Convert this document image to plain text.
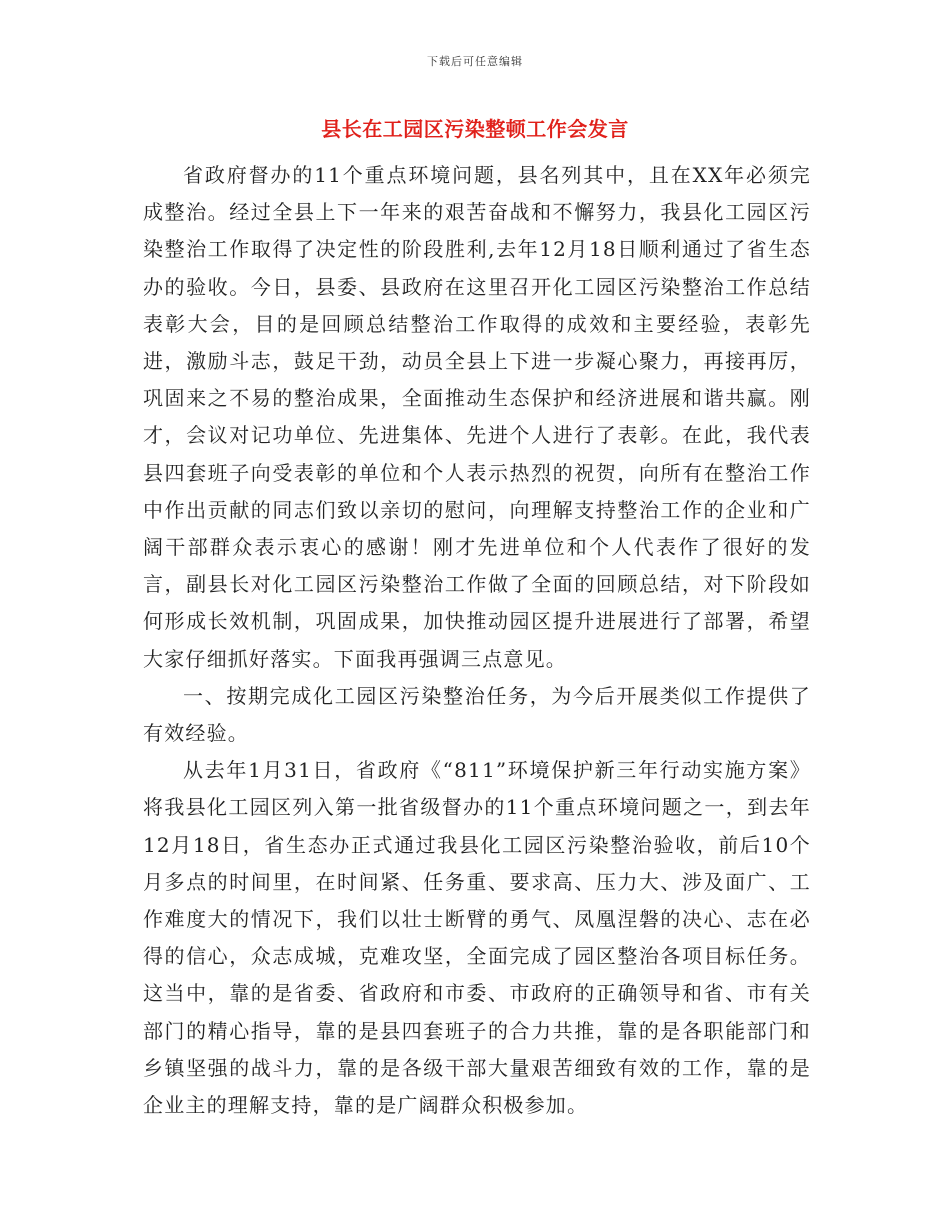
下载后可任意编辑
县长在工园区污染整顿工作会发言

省政府督办的11个重点环境问题，县名列其中，且在XX年必须完成整治。经过全县上下一年来的艰苦奋战和不懈努力，我县化工园区污染整治工作取得了决定性的阶段胜利,去年12月18日顺利通过了省生态办的验收。今日，县委、县政府在这里召开化工园区污染整治工作总结表彰大会，目的是回顾总结整治工作取得的成效和主要经验，表彰先进，激励斗志，鼓足干劲，动员全县上下进一步凝心聚力，再接再厉，巩固来之不易的整治成果，全面推动生态保护和经济进展和谐共赢。刚才，会议对记功单位、先进集体、先进个人进行了表彰。在此，我代表县四套班子向受表彰的单位和个人表示热烈的祝贺，向所有在整治工作中作出贡献的同志们致以亲切的慰问，向理解支持整治工作的企业和广阔干部群众表示衷心的感谢！刚才先进单位和个人代表作了很好的发言，副县长对化工园区污染整治工作做了全面的回顾总结，对下阶段如何形成长效机制，巩固成果，加快推动园区提升进展进行了部署，希望大家仔细抓好落实。下面我再强调三点意见。

一、按期完成化工园区污染整治任务，为今后开展类似工作提供了有效经验。

从去年1月31日，省政府《“811”环境保护新三年行动实施方案》将我县化工园区列入第一批省级督办的11个重点环境问题之一，到去年12月18日，省生态办正式通过我县化工园区污染整治验收，前后10个月多点的时间里，在时间紧、任务重、要求高、压力大、涉及面广、工作难度大的情况下，我们以壮士断臂的勇气、凤凰涅磐的决心、志在必得的信心，众志成城，克难攻坚，全面完成了园区整治各项目标任务。这当中，靠的是省委、省政府和市委、市政府的正确领导和省、市有关部门的精心指导，靠的是县四套班子的合力共推，靠的是各职能部门和乡镇坚强的战斗力，靠的是各级干部大量艰苦细致有效的工作，靠的是企业主的理解支持，靠的是广阔群众积极参加。
